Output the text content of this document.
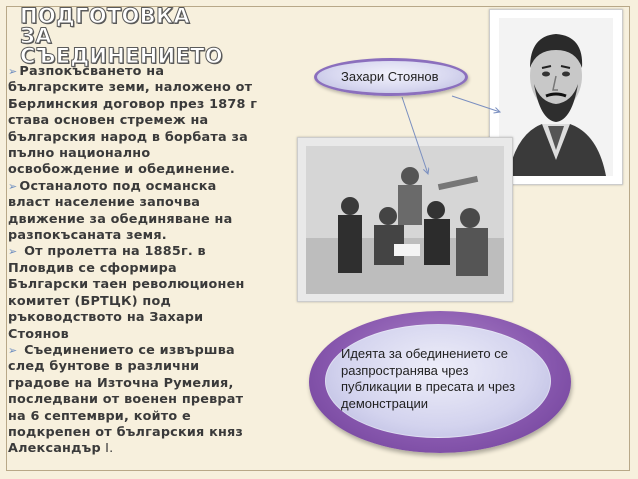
ПОДГОТОВКА ЗА
СЪЕДИНЕНИЕТО

➢ Разпокъсването на българските земи, наложено от Берлинския договор през 1878 г става основен стремеж на българския народ в борбата за пълно национално освобождение и обединение.

➢ Останалото под османска власт население започва движение за обединяване на разпокъсаната земя.

➢ От пролетта на 1885г. в Пловдив се сформира Български таен революционен комитет (БРТЦК) под ръководството на Захари Стоянов

➢ Съединението се извършва след бунтове в различни градове на Източна Румелия, последвани от военен преврат на 6 септември, който е подкрепен от българския княз Александър I.

Захари Стоянов
Идеята за обединението се разпространява чрез публикации в пресата и чрез демонстрации
